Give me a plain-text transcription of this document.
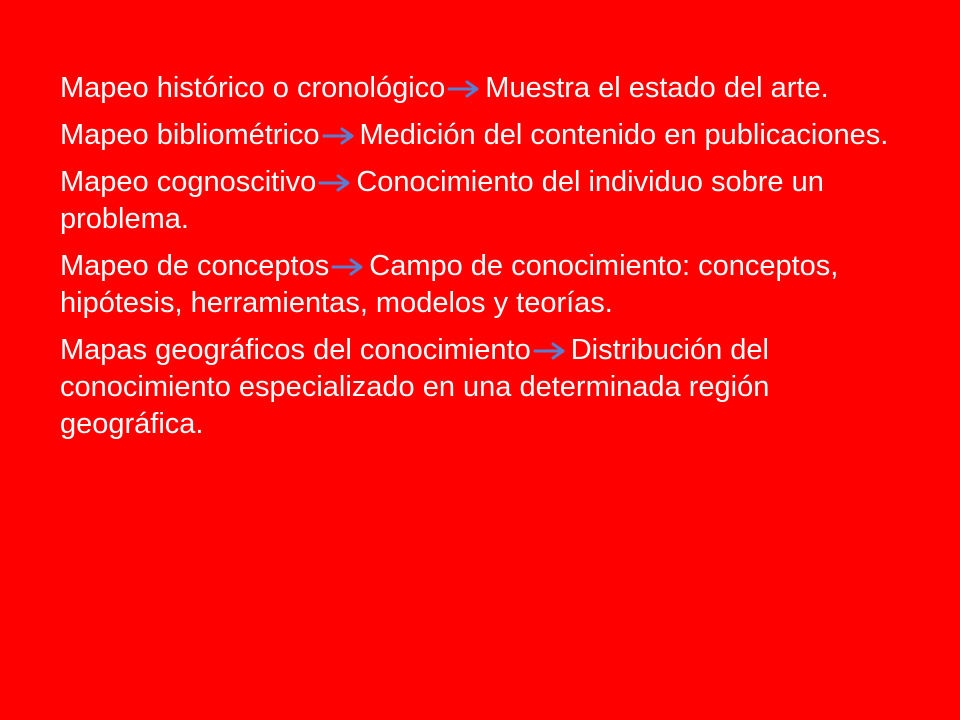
Mapeo histórico o cronológico Muestra el estado del arte.
Mapeo bibliométrico Medición del contenido en publicaciones.
Mapeo cognoscitivo Conocimiento del individuo sobre un problema.
Mapeo de conceptos Campo de conocimiento: conceptos, hipótesis, herramientas, modelos y teorías.
Mapas geográficos del conocimiento Distribución del conocimiento especializado en una determinada región geográfica.
